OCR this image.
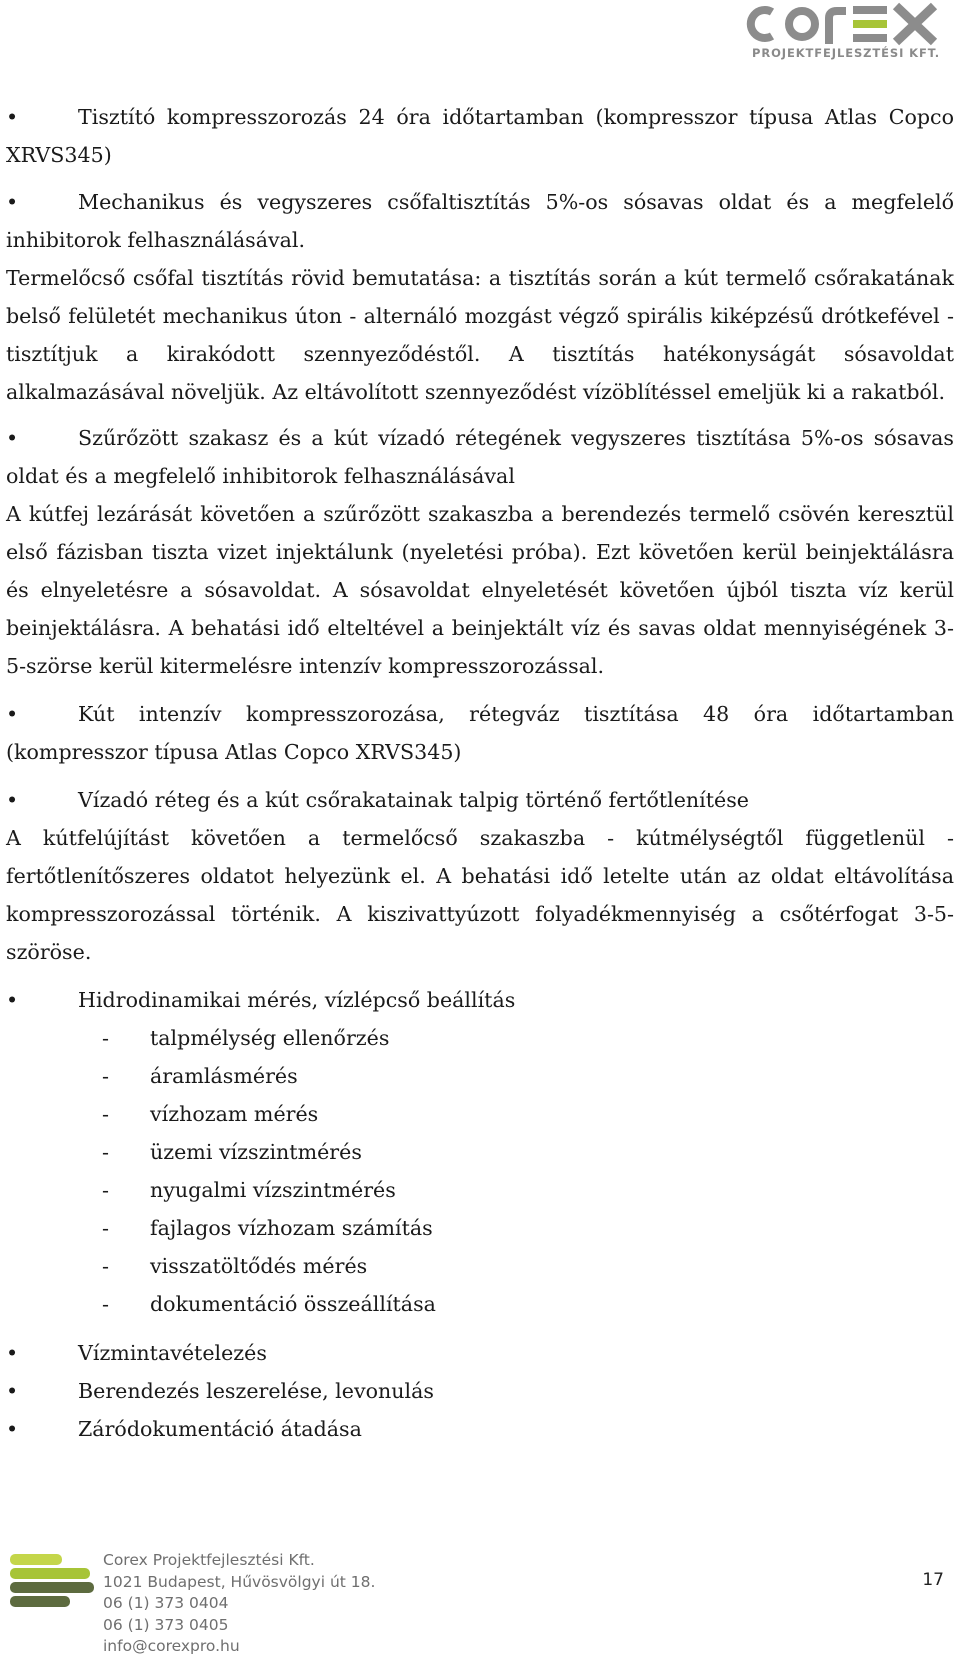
PROJEKTFEJLESZTÉSI KFT.
•	Tisztító kompresszorozás 24 óra időtartamban (kompresszor típusa Atlas Copco XRVS345)
•	Mechanikus és vegyszeres csőfaltisztítás 5%-os sósavas oldat és a megfelelő inhibitorok felhasználásával.
Termelőcső csőfal tisztítás rövid bemutatása: a tisztítás során a kút termelő csőrakatának belső felületét mechanikus úton - alternáló mozgást végző spirális kiképzésű drótkefével - tisztítjuk a kirakódott szennyeződéstől. A tisztítás hatékonyságát sósavoldat alkalmazásával növeljük. Az eltávolított szennyeződést vízöblítéssel emeljük ki a rakatból.
•	Szűrőzött szakasz és a kút vízadó rétegének vegyszeres tisztítása 5%-os sósavas oldat és a megfelelő inhibitorok felhasználásával
A kútfej lezárását követően a szűrőzött szakaszba a berendezés termelő csövén keresztül első fázisban tiszta vizet injektálunk (nyeletési próba). Ezt követően kerül beinjektálásra és elnyeletésre a sósavoldat. A sósavoldat elnyeletését követően újból tiszta víz kerül beinjektálásra. A behatási idő elteltével a beinjektált víz és savas oldat mennyiségének 3-5-szörse kerül kitermelésre intenzív kompresszorozással.
•	Kút intenzív kompresszorozása, rétegváz tisztítása 48 óra időtartamban (kompresszor típusa Atlas Copco XRVS345)
•	Vízadó réteg és a kút csőrakatainak talpig történő fertőtlenítése
A kútfelújítást követően a termelőcső szakaszba - kútmélységtől függetlenül - fertőtlenítőszeres oldatot helyezünk el. A behatási idő letelte után az oldat eltávolítása kompresszorozással történik. A kiszivattyúzott folyadékmennyiség a csőtérfogat 3-5-szöröse.
•	Hidrodinamikai mérés, vízlépcső beállítás
- talpmélység ellenőrzés
- áramlásmérés
- vízhozam mérés
- üzemi vízszintmérés
- nyugalmi vízszintmérés
- fajlagos vízhozam számítás
- visszatöltődés mérés
- dokumentáció összeállítása
•	Vízmintavételezés
•	Berendezés leszerelése, levonulás
•	Záródokumentáció átadása
Corex Projektfejlesztési Kft.
1021 Budapest, Hűvösvölgyi út 18.
06 (1) 373 0404
06 (1) 373 0405
info@corexpro.hu
17
